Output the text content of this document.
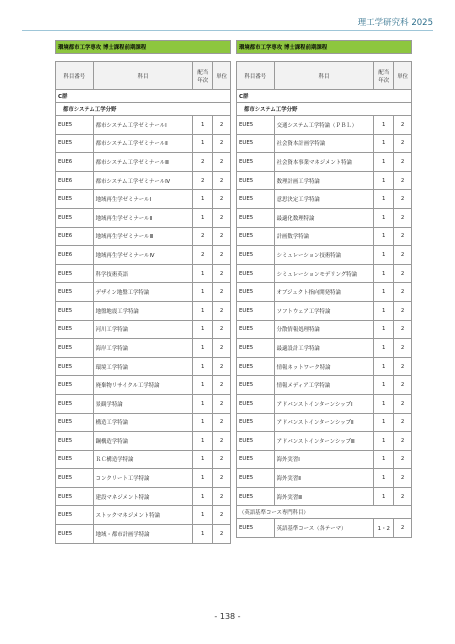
理工学研究科 2025
環境都市工学専攻 博士課程前期課程			

科目番号	科目	配当年次	単位
C群			
都市システム工学分野			
EUE5	都市システム工学ゼミナールⅠ	1	2
EUE5	都市システム工学ゼミナールⅡ	1	2
EUE6	都市システム工学ゼミナールⅢ	2	2
EUE6	都市システム工学ゼミナールⅣ	2	2
EUE5	地域再生学ゼミナールⅠ	1	2
EUE5	地域再生学ゼミナールⅡ	1	2
EUE6	地域再生学ゼミナールⅢ	2	2
EUE6	地域再生学ゼミナールⅣ	2	2
EUE5	科学技術英語	1	2
EUE5	デザイン地盤工学特論	1	2
EUE5	地盤地震工学特論	1	2
EUE5	河川工学特論	1	2
EUE5	海岸工学特論	1	2
EUE5	環境工学特論	1	2
EUE5	廃棄物リサイクル工学特論	1	2
EUE5	景観学特論	1	2
EUE5	構造工学特論	1	2
EUE5	鋼構造学特論	1	2
EUE5	ＲＣ構造学特論	1	2
EUE5	コンクリート工学特論	1	2
EUE5	建設マネジメント特論	1	2
EUE5	ストックマネジメント特論	1	2
EUE5	地域・都市計画学特論	1	2
環境都市工学専攻 博士課程前期課程			

科目番号	科目	配当年次	単位
C群			
都市システム工学分野			
EUE5	交通システム工学特論（ＰＢＬ）	1	2
EUE5	社会資本計画学特論	1	2
EUE5	社会資本事業マネジメント特論	1	2
EUE5	数理計画工学特論	1	2
EUE5	意思決定工学特論	1	2
EUE5	最適化数理特論	1	2
EUE5	計画数学特論	1	2
EUE5	シミュレーション技術特論	1	2
EUE5	シミュレーションモデリング特論	1	2
EUE5	オブジェクト指向開発特論	1	2
EUE5	ソフトウェア工学特論	1	2
EUE5	分散情報処理特論	1	2
EUE5	最適設計工学特論	1	2
EUE5	情報ネットワーク特論	1	2
EUE5	情報メディア工学特論	1	2
EUE5	アドバンストインターンシップⅠ	1	2
EUE5	アドバンストインターンシップⅡ	1	2
EUE5	アドバンストインターンシップⅢ	1	2
EUE5	海外実習Ⅰ	1	2
EUE5	海外実習Ⅱ	1	2
EUE5	海外実習Ⅲ	1	2
（英語基準コース専門科目）			
EUE5	英語基準コース（各テーマ）	1・2	2
- 138 -
